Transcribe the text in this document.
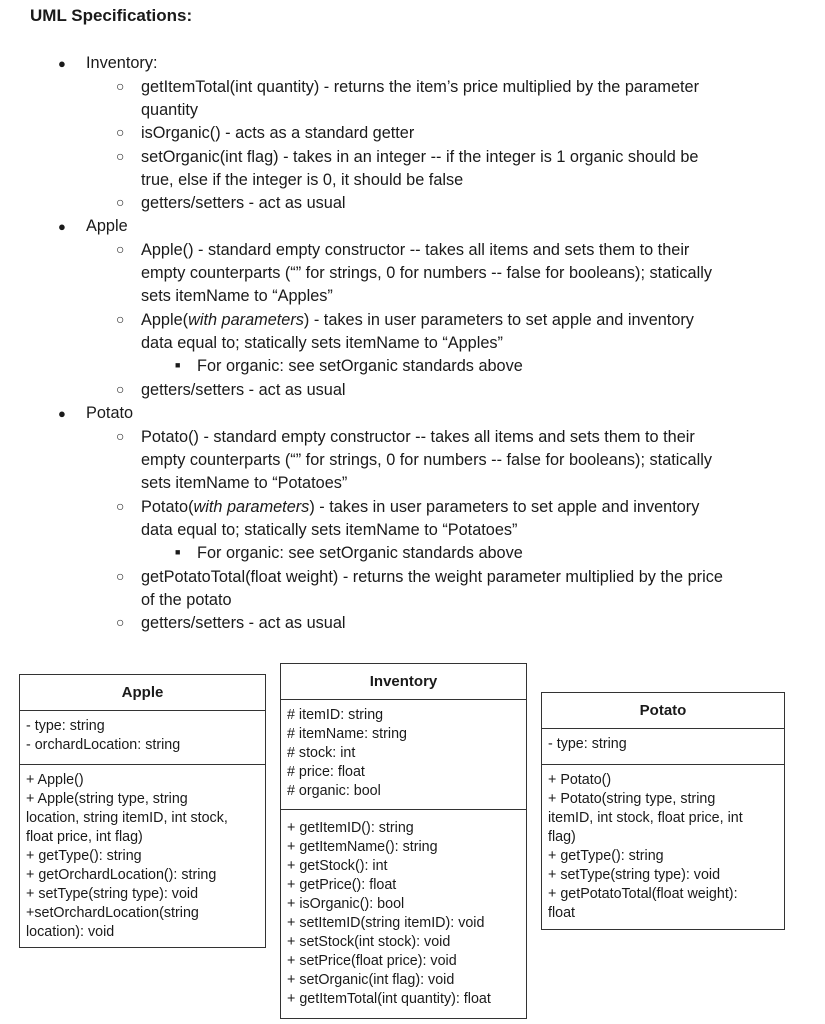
UML Specifications:
● Inventory:
○ getItemTotal(int quantity) - returns the item’s price multiplied by the parameter
quantity
○ isOrganic() - acts as a standard getter
○ setOrganic(int flag) - takes in an integer -- if the integer is 1 organic should be
true, else if the integer is 0, it should be false
○ getters/setters - act as usual
● Apple
○ Apple() - standard empty constructor -- takes all items and sets them to their
empty counterparts (“” for strings, 0 for numbers -- false for booleans); statically
sets itemName to “Apples”
○ Apple(with parameters) - takes in user parameters to set apple and inventory
data equal to; statically sets itemName to “Apples”
■ For organic: see setOrganic standards above
○ getters/setters - act as usual
● Potato
○ Potato() - standard empty constructor -- takes all items and sets them to their
empty counterparts (“” for strings, 0 for numbers -- false for booleans); statically
sets itemName to “Potatoes”
○ Potato(with parameters) - takes in user parameters to set apple and inventory
data equal to; statically sets itemName to “Potatoes”
■ For organic: see setOrganic standards above
○ getPotatoTotal(float weight) - returns the weight parameter multiplied by the price
of the potato
○ getters/setters - act as usual
Apple
- type: string
- orchardLocation: string
+ Apple()
+ Apple(string type, string
location, string itemID, int stock,
float price, int flag)
+ getType(): string
+ getOrchardLocation(): string
+ setType(string type): void
+setOrchardLocation(string
location): void
Inventory
# itemID: string
# itemName: string
# stock: int
# price: float
# organic: bool
+ getItemID(): string
+ getItemName(): string
+ getStock(): int
+ getPrice(): float
+ isOrganic(): bool
+ setItemID(string itemID): void
+ setStock(int stock): void
+ setPrice(float price): void
+ setOrganic(int flag): void
+ getItemTotal(int quantity): float
Potato
- type: string
+ Potato()
+ Potato(string type, string
itemID, int stock, float price, int
flag)
+ getType(): string
+ setType(string type): void
+ getPotatoTotal(float weight):
float
